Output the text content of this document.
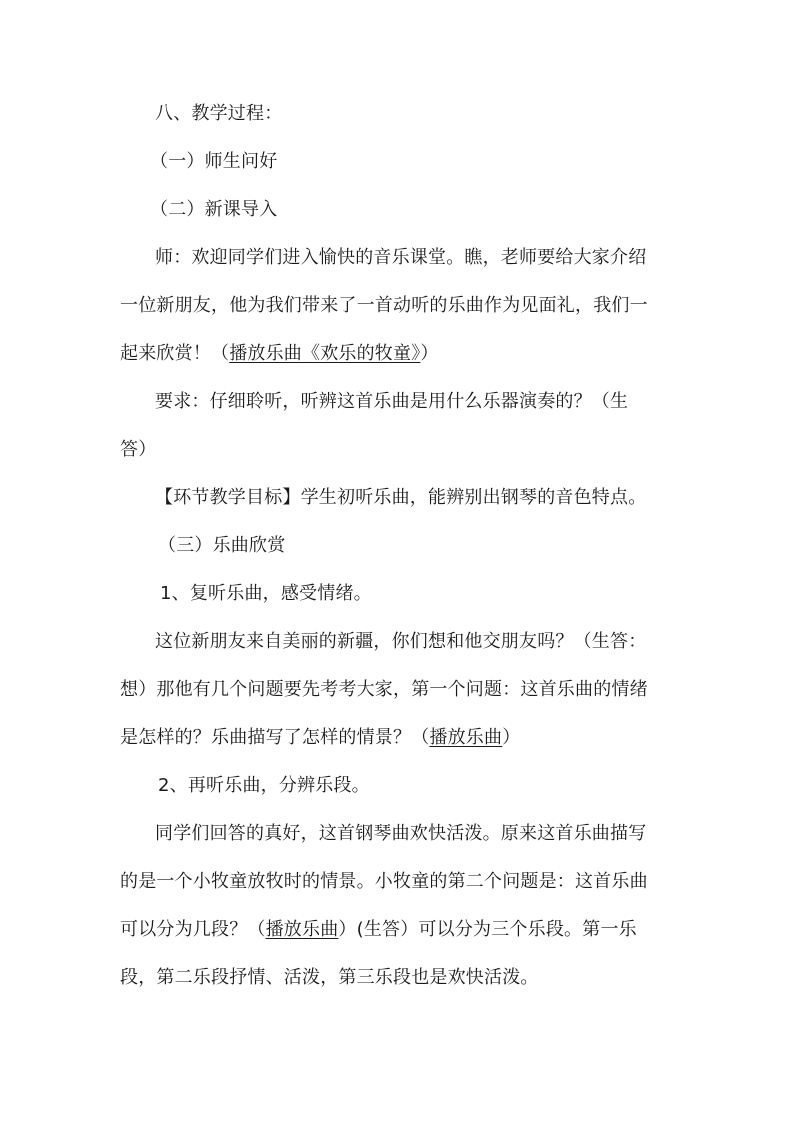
八、教学过程：
（一）师生问好
（二）新课导入
师：欢迎同学们进入愉快的音乐课堂。瞧，老师要给大家介绍
一位新朋友，他为我们带来了一首动听的乐曲作为见面礼，我们一
起来欣赏！（播放乐曲《欢乐的牧童》）
要求：仔细聆听，听辨这首乐曲是用什么乐器演奏的？（生
答）
【环节教学目标】学生初听乐曲，能辨别出钢琴的音色特点。
（三）乐曲欣赏
1、复听乐曲，感受情绪。
这位新朋友来自美丽的新疆，你们想和他交朋友吗？（生答：
想）那他有几个问题要先考考大家，第一个问题：这首乐曲的情绪
是怎样的？乐曲描写了怎样的情景？（播放乐曲）
2、再听乐曲，分辨乐段。
同学们回答的真好，这首钢琴曲欢快活泼。原来这首乐曲描写
的是一个小牧童放牧时的情景。小牧童的第二个问题是：这首乐曲
可以分为几段？（播放乐曲）(生答）可以分为三个乐段。第一乐
段，第二乐段抒情、活泼，第三乐段也是欢快活泼。
